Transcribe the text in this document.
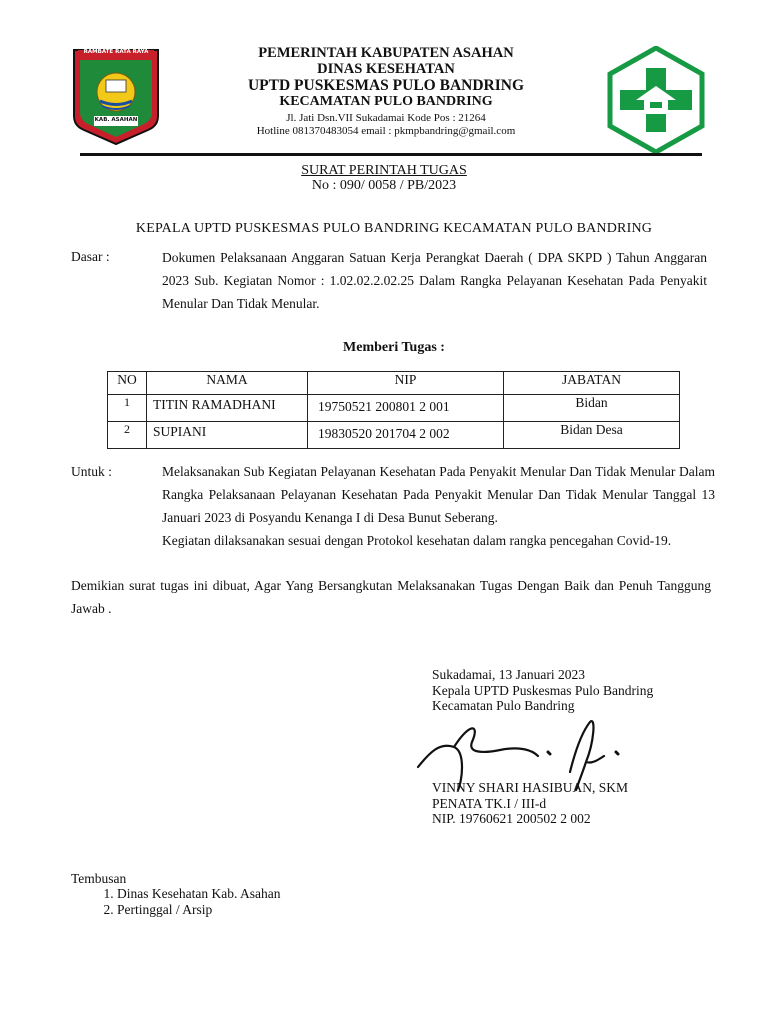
RAMBATE RATA RAYA
KAB. ASAHAN
PEMERINTAH KABUPATEN ASAHAN
DINAS KESEHATAN
UPTD PUSKESMAS PULO BANDRING
KECAMATAN PULO BANDRING
Jl. Jati Dsn.VII Sukadamai Kode Pos : 21264
Hotline 081370483054 email : pkmpbandring@gmail.com
SURAT PERINTAH TUGAS
No : 090/ 0058 / PB/2023
KEPALA UPTD PUSKESMAS PULO BANDRING KECAMATAN PULO BANDRING
Dasar :	Dokumen Pelaksanaan Anggaran Satuan Kerja Perangkat Daerah ( DPA SKPD ) Tahun Anggaran 2023 Sub. Kegiatan Nomor : 1.02.02.2.02.25 Dalam Rangka Pelayanan Kesehatan Pada Penyakit Menular Dan Tidak Menular.
Memberi Tugas :
NO	NAMA	NIP	JABATAN
1	TITIN RAMADHANI	19750521 200801 2 001	Bidan
2	SUPIANI	19830520 201704 2 002	Bidan Desa
Untuk :	Melaksanakan Sub Kegiatan Pelayanan Kesehatan Pada Penyakit Menular Dan Tidak Menular Dalam Rangka Pelaksanaan Pelayanan Kesehatan Pada Penyakit Menular Dan Tidak Menular Tanggal 13 Januari 2023 di Posyandu Kenanga I di Desa Bunut Seberang.
Kegiatan dilaksanakan sesuai dengan Protokol kesehatan dalam rangka pencegahan Covid-19.
Demikian surat tugas ini dibuat, Agar Yang Bersangkutan Melaksanakan Tugas Dengan Baik dan Penuh Tanggung Jawab .
Sukadamai, 13 Januari 2023
Kepala UPTD Puskesmas Pulo Bandring
Kecamatan Pulo Bandring
VINNY SHARI HASIBUAN, SKM
PENATA TK.I / III-d
NIP. 19760621 200502 2 002
Tembusan
1. Dinas Kesehatan Kab. Asahan
2. Pertinggal / Arsip
